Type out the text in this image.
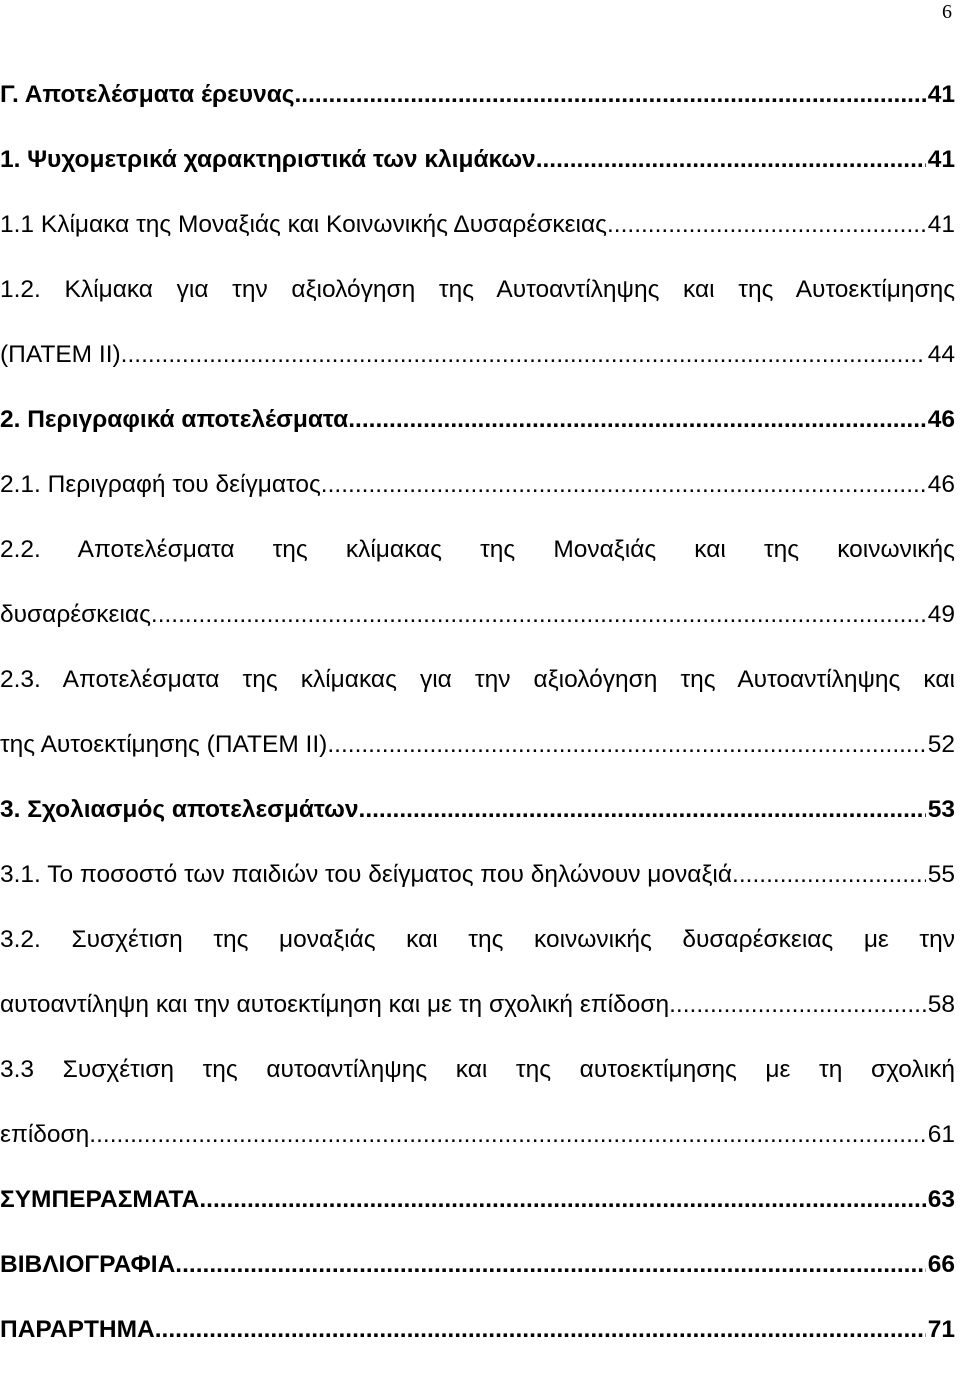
6
Γ. Αποτελέσματα έρευνας .....	41
1. Ψυχομετρικά χαρακτηριστικά των κλιμάκων .....	41
1.1 Κλίμακα της Μοναξιάς και Κοινωνικής Δυσαρέσκειας .....	41
1.2. Κλίμακα για την αξιολόγηση της Αυτοαντίληψης και της Αυτοεκτίμησης
(ΠΑΤΕΜ ΙΙ) .....	44
2. Περιγραφικά αποτελέσματα .....	46
2.1. Περιγραφή του δείγματος .....	46
2.2. Αποτελέσματα της κλίμακας της Μοναξιάς και της κοινωνικής
δυσαρέσκειας .....	49
2.3. Αποτελέσματα της κλίμακας για την αξιολόγηση της Αυτοαντίληψης και
της Αυτοεκτίμησης (ΠΑΤΕΜ ΙΙ) .....	52
3. Σχολιασμός αποτελεσμάτων .....	53
3.1. Το ποσοστό των παιδιών του δείγματος που δηλώνουν μοναξιά .....	55
3.2. Συσχέτιση της μοναξιάς και της κοινωνικής δυσαρέσκειας με την
αυτοαντίληψη και την αυτοεκτίμηση και με τη σχολική επίδοση .....	58
3.3 Συσχέτιση της αυτοαντίληψης και της αυτοεκτίμησης με τη σχολική
επίδοση .....	61
ΣΥΜΠΕΡΑΣΜΑΤΑ .....	63
ΒΙΒΛΙΟΓΡΑΦΙΑ .....	66
ΠΑΡΑΡΤΗΜΑ .....	71
